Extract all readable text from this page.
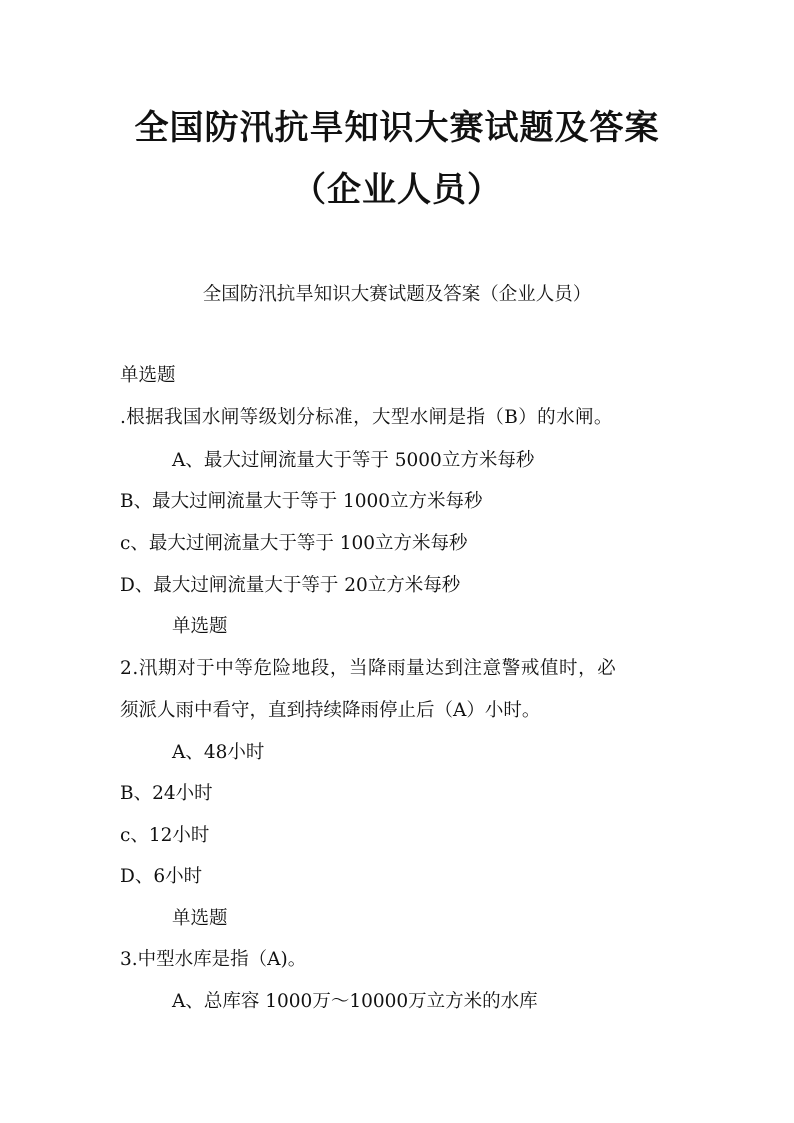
全国防汛抗旱知识大赛试题及答案
（企业人员）
全国防汛抗旱知识大赛试题及答案（企业人员）
单选题
.根据我国水闸等级划分标准，大型水闸是指（B）的水闸。
A、最大过闸流量大于等于 5000立方米每秒
B、最大过闸流量大于等于 1000立方米每秒
c、最大过闸流量大于等于 100立方米每秒
D、最大过闸流量大于等于 20立方米每秒
单选题
2.汛期对于中等危险地段，当降雨量达到注意警戒值时，必
须派人雨中看守，直到持续降雨停止后（A）小时。
A、48小时
B、24小时
c、12小时
D、6小时
单选题
3.中型水库是指（A)。
A、总库容 1000万～10000万立方米的水库
